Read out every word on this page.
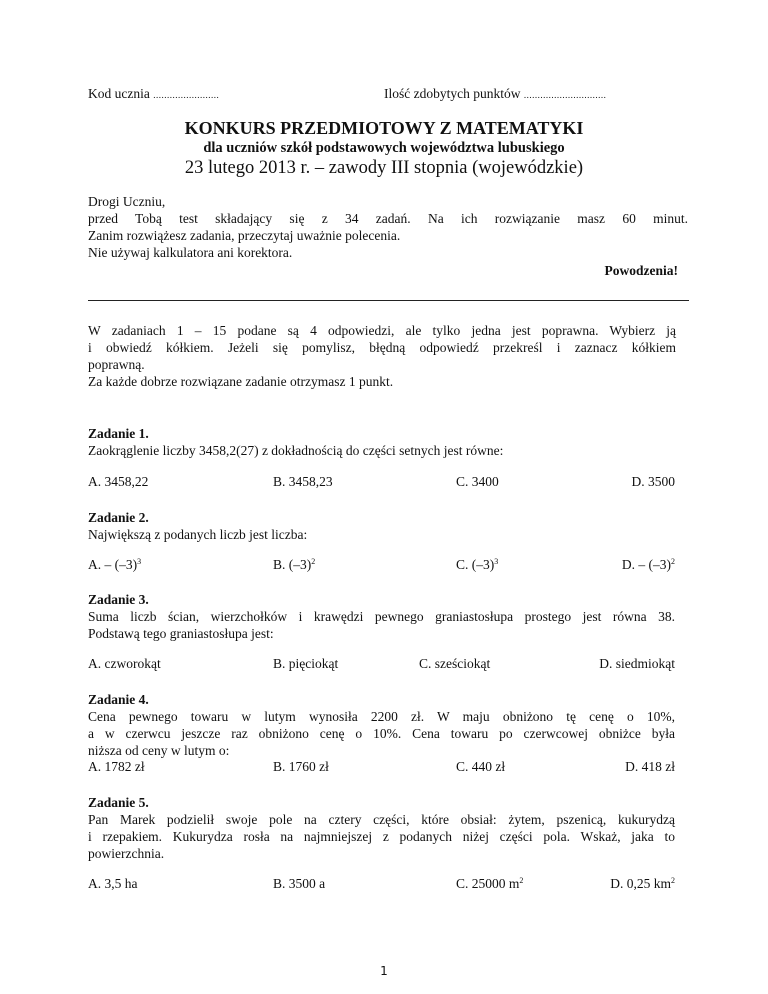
Kod ucznia ........................	Ilość zdobytych punktów ..............................
KONKURS PRZEDMIOTOWY Z MATEMATYKI
dla uczniów szkół podstawowych województwa lubuskiego
23 lutego 2013 r. – zawody III stopnia (wojewódzkie)
Drogi Uczniu,
przed Tobą test składający się z 34 zadań. Na ich rozwiązanie masz 60 minut.
Zanim rozwiążesz zadania, przeczytaj uważnie polecenia.
Nie używaj kalkulatora ani korektora.
Powodzenia!
W zadaniach 1 – 15 podane są 4 odpowiedzi, ale tylko jedna jest poprawna. Wybierz ją
i obwiedź kółkiem. Jeżeli się pomylisz, błędną odpowiedź przekreśl i zaznacz kółkiem
poprawną.
Za każde dobrze rozwiązane zadanie otrzymasz 1 punkt.
Zadanie 1.
Zaokrąglenie liczby 3458,2(27) z dokładnością do części setnych jest równe:
A. 3458,22	B. 3458,23	C. 3400	D. 3500
Zadanie 2.
Największą z podanych liczb jest liczba:
A. – $(-3)^3$	B. $(-3)^2$	C. $(-3)^3$	D. – $(-3)^2$
Zadanie 3.
Suma liczb ścian, wierzchołków i krawędzi pewnego graniastosłupa prostego jest równa 38.
Podstawą tego graniastosłupa jest:
A. czworokąt	B. pięciokąt	C. sześciokąt	D. siedmiokąt
Zadanie 4.
Cena pewnego towaru w lutym wynosiła 2200 zł. W maju obniżono tę cenę o 10%,
a w czerwcu jeszcze raz obniżono cenę o 10%. Cena towaru po czerwcowej obniżce była
niższa od ceny w lutym o:
A. 1782 zł	B. 1760 zł	C. 440 zł	D. 418 zł
Zadanie 5.
Pan Marek podzielił swoje pole na cztery części, które obsiał: żytem, pszenicą, kukurydzą
i rzepakiem. Kukurydza rosła na najmniejszej z podanych niżej części pola. Wskaż, jaka to
powierzchnia.
A. 3,5 ha	B. 3500 a	C. 25000 $m^2$	D. 0,25 $km^2$
1
